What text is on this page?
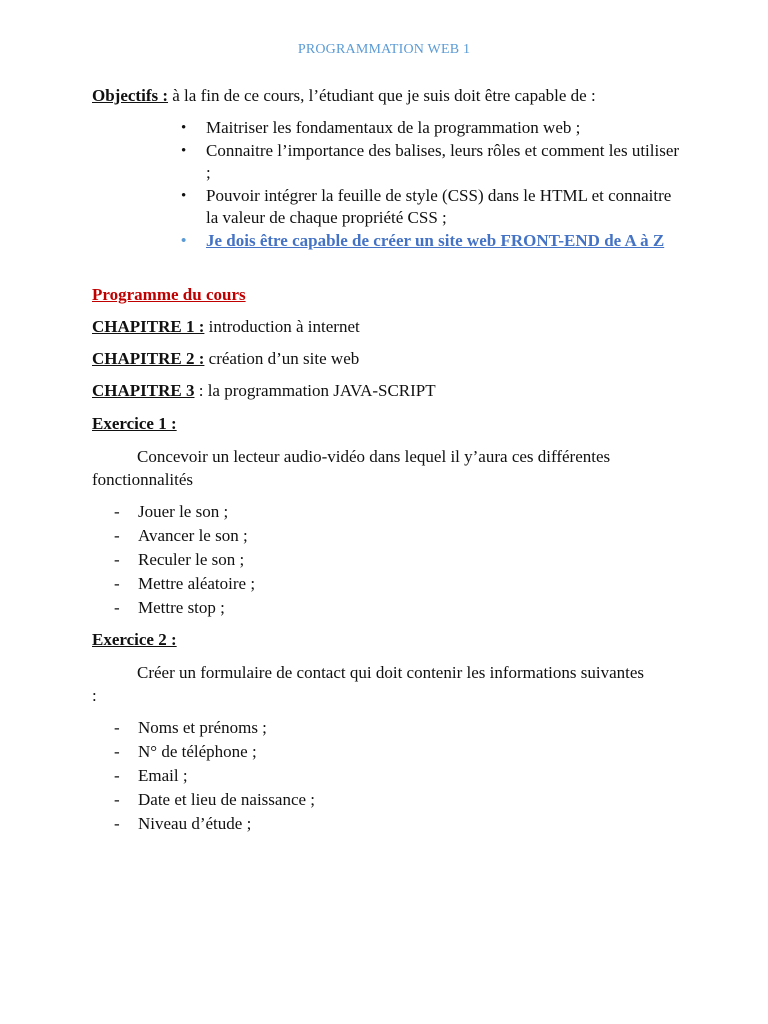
PROGRAMMATION WEB 1
Objectifs : à la fin de ce cours, l’étudiant que je suis doit être capable de :
• Maitriser les fondamentaux de la programmation web ;
• Connaitre l’importance des balises, leurs rôles et comment les utiliser ;
• Pouvoir intégrer la feuille de style (CSS) dans le HTML et connaitre la valeur de chaque propriété CSS ;
• Je dois être capable de créer un site web FRONT-END de A à Z
Programme du cours
CHAPITRE 1 : introduction à internet
CHAPITRE 2 : création d’un site web
CHAPITRE 3 : la programmation JAVA-SCRIPT
Exercice 1 :
Concevoir un lecteur audio-vidéo dans lequel il y’aura ces différentes fonctionnalités
- Jouer le son ;
- Avancer le son ;
- Reculer le son ;
- Mettre aléatoire ;
- Mettre stop ;
Exercice 2 :
Créer un formulaire de contact qui doit contenir les informations suivantes :
- Noms et prénoms ;
- N° de téléphone ;
- Email ;
- Date et lieu de naissance ;
- Niveau d’étude ;
